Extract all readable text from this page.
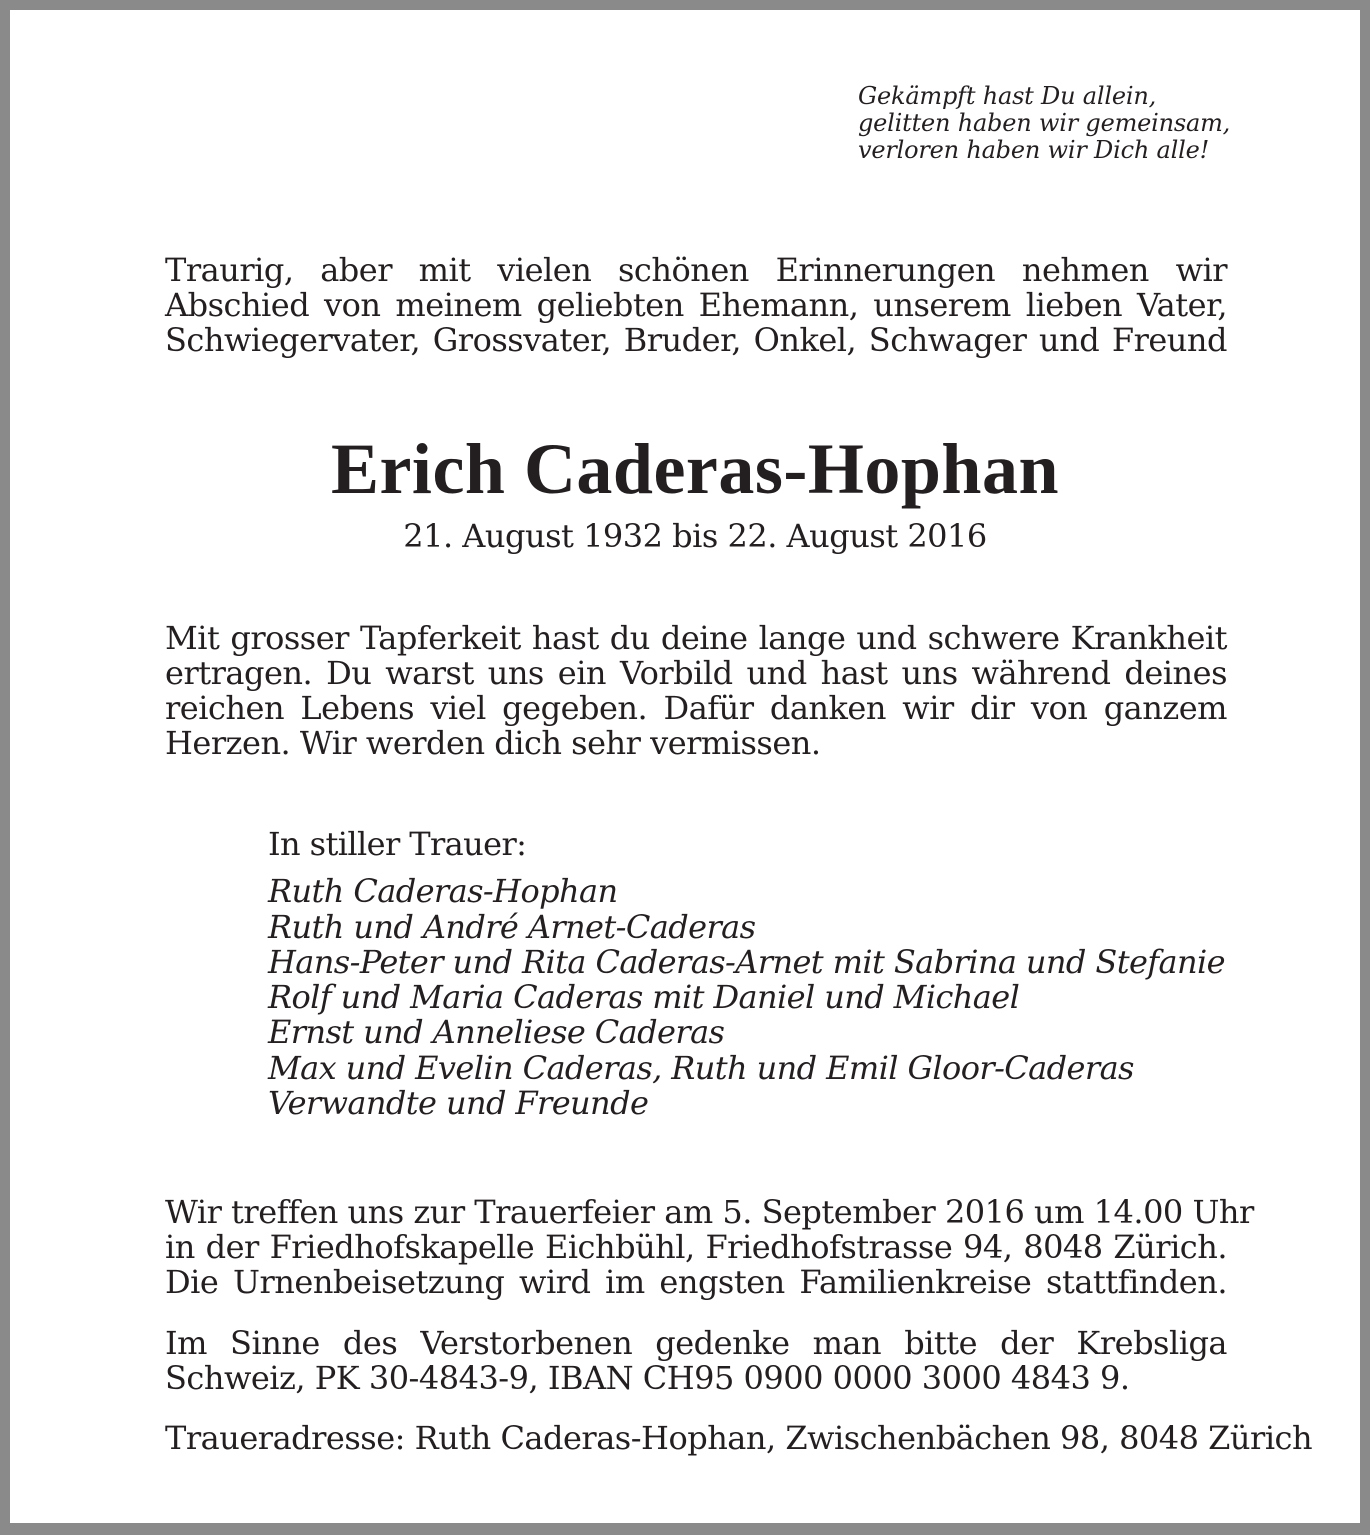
Gekämpft hast Du allein,
gelitten haben wir gemeinsam,
verloren haben wir Dich alle!
Traurig, aber mit vielen schönen Erinnerungen nehmen wir
Abschied von meinem geliebten Ehemann, unserem lieben Vater,
Schwiegervater, Grossvater, Bruder, Onkel, Schwager und Freund
Erich Caderas-Hophan
21. August 1932 bis 22. August 2016
Mit grosser Tapferkeit hast du deine lange und schwere Krankheit
ertragen. Du warst uns ein Vorbild und hast uns während deines
reichen Lebens viel gegeben. Dafür danken wir dir von ganzem
Herzen. Wir werden dich sehr vermissen.
In stiller Trauer:
Ruth Caderas-Hophan
Ruth und André Arnet-Caderas
Hans-Peter und Rita Caderas-Arnet mit Sabrina und Stefanie
Rolf und Maria Caderas mit Daniel und Michael
Ernst und Anneliese Caderas
Max und Evelin Caderas, Ruth und Emil Gloor-Caderas
Verwandte und Freunde
Wir treffen uns zur Trauerfeier am 5. September 2016 um 14.00 Uhr
in der Friedhofskapelle Eichbühl, Friedhofstrasse 94, 8048 Zürich.
Die Urnenbeisetzung wird im engsten Familienkreise stattfinden.
Im Sinne des Verstorbenen gedenke man bitte der Krebsliga
Schweiz, PK 30-4843-9, IBAN CH95 0900 0000 3000 4843 9.
Traueradresse: Ruth Caderas-Hophan, Zwischenbächen 98, 8048 Zürich
